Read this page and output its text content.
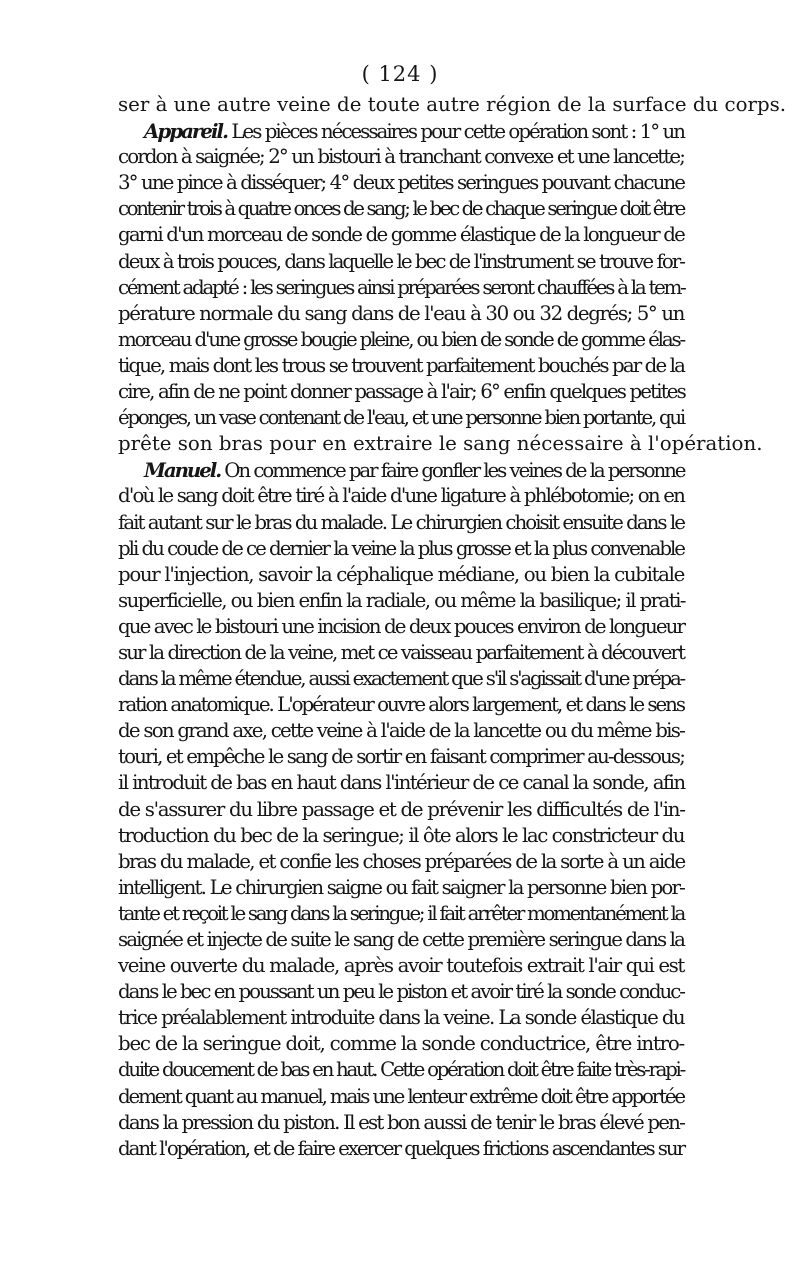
( 124 )
ser à une autre veine de toute autre région de la surface du corps.
Appareil. Les pièces nécessaires pour cette opération sont : 1° un
cordon à saignée; 2° un bistouri à tranchant convexe et une lancette;
3° une pince à disséquer; 4° deux petites seringues pouvant chacune
contenir trois à quatre onces de sang; le bec de chaque seringue doit être
garni d'un morceau de sonde de gomme élastique de la longueur de
deux à trois pouces, dans laquelle le bec de l'instrument se trouve for-
cément adapté : les seringues ainsi préparées seront chauffées à la tem-
pérature normale du sang dans de l'eau à 30 ou 32 degrés; 5° un
morceau d'une grosse bougie pleine, ou bien de sonde de gomme élas-
tique, mais dont les trous se trouvent parfaitement bouchés par de la
cire, afin de ne point donner passage à l'air; 6° enfin quelques petites
éponges, un vase contenant de l'eau, et une personne bien portante, qui
prête son bras pour en extraire le sang nécessaire à l'opération.
Manuel. On commence par faire gonfler les veines de la personne
d'où le sang doit être tiré à l'aide d'une ligature à phlébotomie; on en
fait autant sur le bras du malade. Le chirurgien choisit ensuite dans le
pli du coude de ce dernier la veine la plus grosse et la plus convenable
pour l'injection, savoir la céphalique médiane, ou bien la cubitale
superficielle, ou bien enfin la radiale, ou même la basilique; il prati-
que avec le bistouri une incision de deux pouces environ de longueur
sur la direction de la veine, met ce vaisseau parfaitement à découvert
dans la même étendue, aussi exactement que s'il s'agissait d'une prépa-
ration anatomique. L'opérateur ouvre alors largement, et dans le sens
de son grand axe, cette veine à l'aide de la lancette ou du même bis-
touri, et empêche le sang de sortir en faisant comprimer au-dessous;
il introduit de bas en haut dans l'intérieur de ce canal la sonde, afin
de s'assurer du libre passage et de prévenir les difficultés de l'in-
troduction du bec de la seringue; il ôte alors le lac constricteur du
bras du malade, et confie les choses préparées de la sorte à un aide
intelligent. Le chirurgien saigne ou fait saigner la personne bien por-
tante et reçoit le sang dans la seringue; il fait arrêter momentanément la
saignée et injecte de suite le sang de cette première seringue dans la
veine ouverte du malade, après avoir toutefois extrait l'air qui est
dans le bec en poussant un peu le piston et avoir tiré la sonde conduc-
trice préalablement introduite dans la veine. La sonde élastique du
bec de la seringue doit, comme la sonde conductrice, être intro-
duite doucement de bas en haut. Cette opération doit être faite très-rapi-
dement quant au manuel, mais une lenteur extrême doit être apportée
dans la pression du piston. Il est bon aussi de tenir le bras élevé pen-
dant l'opération, et de faire exercer quelques frictions ascendantes sur
